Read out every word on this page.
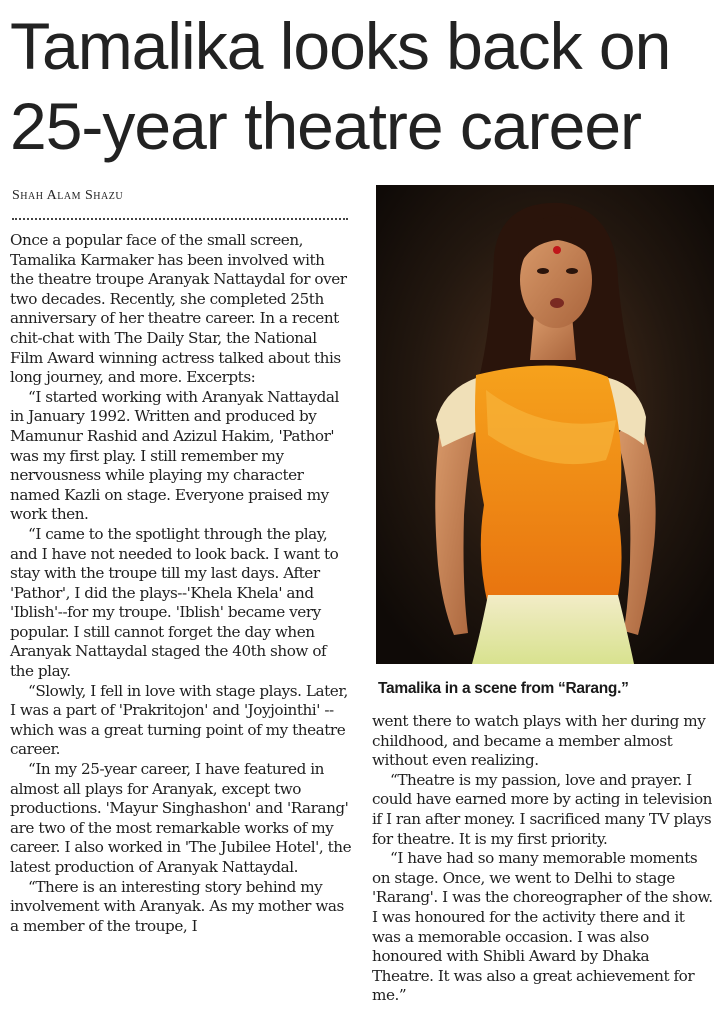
Tamalika looks back on
25-year theatre career
Shah Alam Shazu

Once a popular face of the small screen, Tamalika Karmaker has been involved with the theatre troupe Aranyak Nattaydal for over two decades. Recently, she completed 25th anniversary of her theatre career. In a recent chit-chat with The Daily Star, the National Film Award winning actress talked about this long journey, and more. Excerpts:

“I started working with Aranyak Nattaydal in January 1992. Written and produced by Mamunur Rashid and Azizul Hakim, 'Pathor' was my first play. I still remember my nervousness while playing my character named Kazli on stage. Everyone praised my work then.

“I came to the spotlight through the play, and I have not needed to look back. I want to stay with the troupe till my last days. After 'Pathor', I did the plays--'Khela Khela' and 'Iblish'--for my troupe. 'Iblish' became very popular. I still cannot forget the day when Aranyak Nattaydal staged the 40th show of the play.

“Slowly, I fell in love with stage plays. Later, I was a part of 'Prakritojon' and 'Joyjointhi' -- which was a great turning point of my theatre career.

“In my 25-year career, I have featured in almost all plays for Aranyak, except two productions. 'Mayur Singhashon' and 'Rarang' are two of the most remarkable works of my career. I also worked in 'The Jubilee Hotel', the latest production of Aranyak Nattaydal.

“There is an interesting story behind my involvement with Aranyak. As my mother was a member of the troupe, I

Tamalika in a scene from “Rarang.”

went there to watch plays with her during my childhood, and became a member almost without even realizing.

“Theatre is my passion, love and prayer. I could have earned more by acting in television if I ran after money. I sacrificed many TV plays for theatre. It is my first priority.

“I have had so many memorable moments on stage. Once, we went to Delhi to stage 'Rarang'. I was the choreographer of the show. I was honoured for the activity there and it was a memorable occasion. I was also honoured with Shibli Award by Dhaka Theatre. It was also a great achievement for me.”
